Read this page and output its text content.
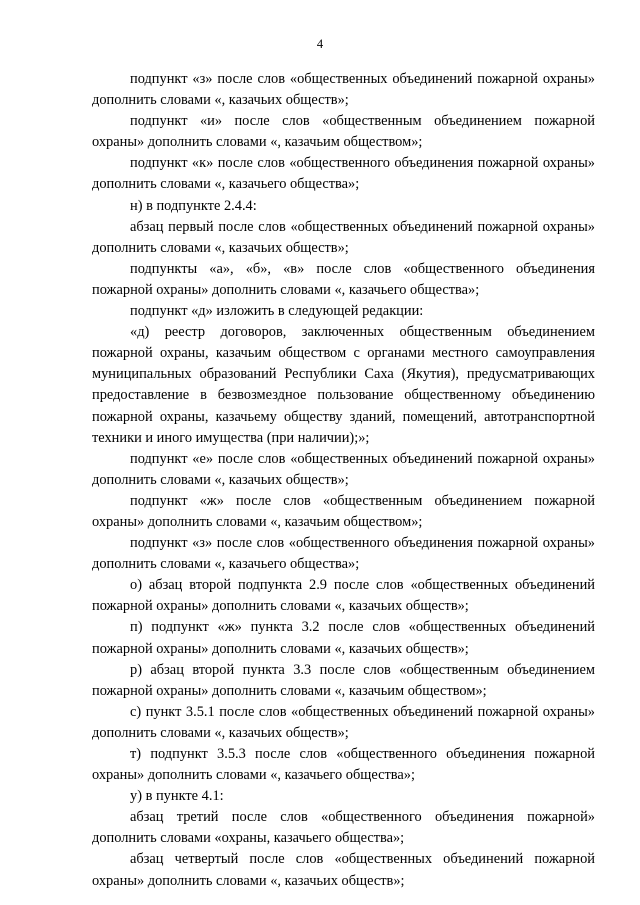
4

подпункт «з» после слов «общественных объединений пожарной охраны» дополнить словами «, казачьих обществ»;

подпункт «и» после слов «общественным объединением пожарной охраны» дополнить словами «, казачьим обществом»;

подпункт «к» после слов «общественного объединения пожарной охраны» дополнить словами «, казачьего общества»;

н) в подпункте 2.4.4:

абзац первый после слов «общественных объединений пожарной охраны» дополнить словами «, казачьих обществ»;

подпункты «а», «б», «в» после слов «общественного объединения пожарной охраны» дополнить словами «, казачьего общества»;

подпункт «д» изложить в следующей редакции:

«д) реестр договоров, заключенных общественным объединением пожарной охраны, казачьим обществом с органами местного самоуправления муниципальных образований Республики Саха (Якутия), предусматривающих предоставление в безвозмездное пользование общественному объединению пожарной охраны, казачьему обществу зданий, помещений, автотранспортной техники и иного имущества (при наличии);»;

подпункт «е» после слов «общественных объединений пожарной охраны» дополнить словами «, казачьих обществ»;

подпункт «ж» после слов «общественным объединением пожарной охраны» дополнить словами «, казачьим обществом»;

подпункт «з» после слов «общественного объединения пожарной охраны» дополнить словами «, казачьего общества»;

о) абзац второй подпункта 2.9 после слов «общественных объединений пожарной охраны» дополнить словами «, казачьих обществ»;

п) подпункт «ж» пункта 3.2 после слов «общественных объединений пожарной охраны» дополнить словами «, казачьих обществ»;

р) абзац второй пункта 3.3 после слов «общественным объединением пожарной охраны» дополнить словами «, казачьим обществом»;

с) пункт 3.5.1 после слов «общественных объединений пожарной охраны» дополнить словами «, казачьих обществ»;

т) подпункт 3.5.3 после слов «общественного объединения пожарной охраны» дополнить словами «, казачьего общества»;

у) в пункте 4.1:

абзац третий после слов «общественного объединения пожарной» дополнить словами «охраны, казачьего общества»;

абзац четвертый после слов «общественных объединений пожарной охраны» дополнить словами «, казачьих обществ»;
